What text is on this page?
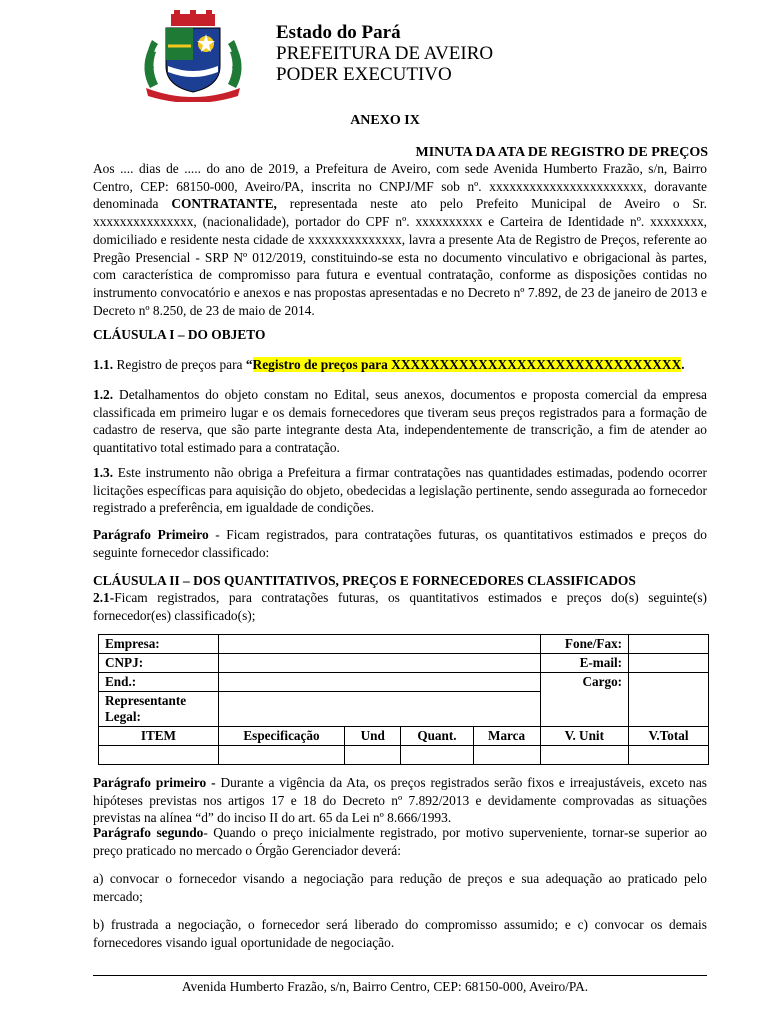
Estado do Pará
PREFEITURA DE AVEIRO
PODER EXECUTIVO
ANEXO IX
MINUTA DA ATA DE REGISTRO DE PREÇOS
Aos .... dias de ..... do ano de 2019, a Prefeitura de Aveiro, com sede Avenida Humberto Frazão, s/n, Bairro Centro, CEP: 68150-000, Aveiro/PA, inscrita no CNPJ/MF sob nº. xxxxxxxxxxxxxxxxxxxxxxx, doravante denominada CONTRATANTE, representada neste ato pelo Prefeito Municipal de Aveiro o Sr. xxxxxxxxxxxxxxx, (nacionalidade), portador do CPF nº. xxxxxxxxxx e Carteira de Identidade nº. xxxxxxxx, domiciliado e residente nesta cidade de xxxxxxxxxxxxxx, lavra a presente Ata de Registro de Preços, referente ao Pregão Presencial - SRP Nº 012/2019, constituindo-se esta no documento vinculativo e obrigacional às partes, com característica de compromisso para futura e eventual contratação, conforme as disposições contidas no instrumento convocatório e anexos e nas propostas apresentadas e no Decreto nº 7.892, de 23 de janeiro de 2013 e Decreto nº 8.250, de 23 de maio de 2014.
CLÁUSULA I – DO OBJETO
1.1. Registro de preços para “Registro de preços para XXXXXXXXXXXXXXXXXXXXXXXXXXXXXX.
1.2. Detalhamentos do objeto constam no Edital, seus anexos, documentos e proposta comercial da empresa classificada em primeiro lugar e os demais fornecedores que tiveram seus preços registrados para a formação de cadastro de reserva, que são parte integrante desta Ata, independentemente de transcrição, a fim de atender ao quantitativo total estimado para a contratação.
1.3. Este instrumento não obriga a Prefeitura a firmar contratações nas quantidades estimadas, podendo ocorrer licitações específicas para aquisição do objeto, obedecidas a legislação pertinente, sendo assegurada ao fornecedor registrado a preferência, em igualdade de condições.
Parágrafo Primeiro - Ficam registrados, para contratações futuras, os quantitativos estimados e preços do seguinte fornecedor classificado:
CLÁUSULA II – DOS QUANTITATIVOS, PREÇOS E FORNECEDORES CLASSIFICADOS
2.1-Ficam registrados, para contratações futuras, os quantitativos estimados e preços do(s) seguinte(s) fornecedor(es) classificado(s);
Empresa:					Fone/Fax:	
CNPJ:					E-mail:	
End.:					Cargo:	
Representante Legal:						
ITEM	Especificação	Und	Quant.	Marca	V. Unit	V.Total

Parágrafo primeiro - Durante a vigência da Ata, os preços registrados serão fixos e irreajustáveis, exceto nas hipóteses previstas nos artigos 17 e 18 do Decreto nº 7.892/2013 e devidamente comprovadas as situações previstas na alínea “d” do inciso II do art. 65 da Lei nº 8.666/1993.
Parágrafo segundo- Quando o preço inicialmente registrado, por motivo superveniente, tornar-se superior ao preço praticado no mercado o Órgão Gerenciador deverá:
a) convocar o fornecedor visando a negociação para redução de preços e sua adequação ao praticado pelo mercado;
b) frustrada a negociação, o fornecedor será liberado do compromisso assumido; e c) convocar os demais fornecedores visando igual oportunidade de negociação.
Avenida Humberto Frazão, s/n, Bairro Centro, CEP: 68150-000, Aveiro/PA.
